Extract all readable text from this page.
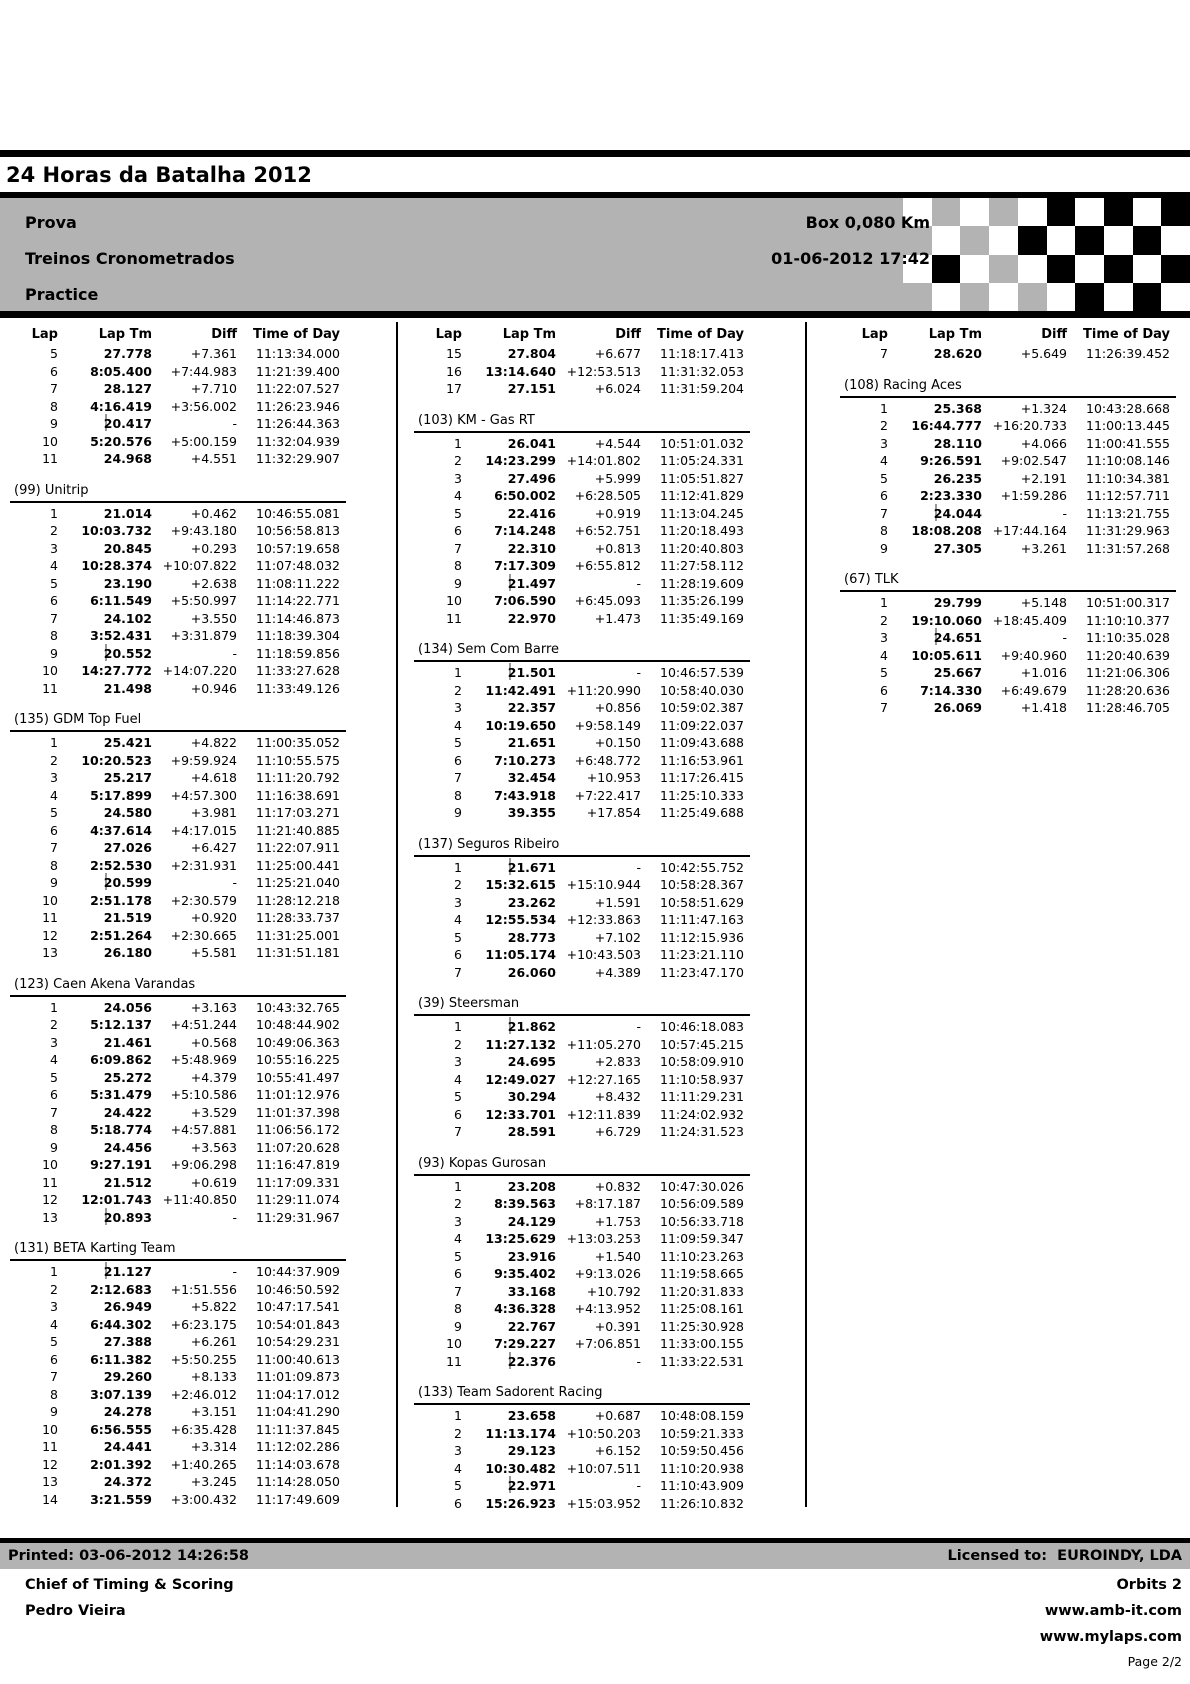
24 Horas da Batalha 2012
Prova
Treinos Cronometrados
Practice
Box 0,080 Km
01-06-2012 17:42
Lap	Lap Tm	Diff	Time of Day
5	27.778	+7.361	11:13:34.000
6	8:05.400	+7:44.983	11:21:39.400
7	28.127	+7.710	11:22:07.527
8	4:16.419	+3:56.002	11:26:23.946
9	20.417	-	11:26:44.363
10	5:20.576	+5:00.159	11:32:04.939
11	24.968	+4.551	11:32:29.907
(99) Unitrip
1	21.014	+0.462	10:46:55.081
2	10:03.732	+9:43.180	10:56:58.813
3	20.845	+0.293	10:57:19.658
4	10:28.374 +10:07.822	11:07:48.032
5	23.190	+2.638	11:08:11.222
6	6:11.549	+5:50.997	11:14:22.771
7	24.102	+3.550	11:14:46.873
8	3:52.431	+3:31.879	11:18:39.304
9	20.552	-	11:18:59.856
10	14:27.772 +14:07.220	11:33:27.628
11	21.498	+0.946	11:33:49.126
(135) GDM Top Fuel
1	25.421	+4.822	11:00:35.052
2	10:20.523	+9:59.924	11:10:55.575
3	25.217	+4.618	11:11:20.792
4	5:17.899	+4:57.300	11:16:38.691
5	24.580	+3.981	11:17:03.271
6	4:37.614	+4:17.015	11:21:40.885
7	27.026	+6.427	11:22:07.911
8	2:52.530	+2:31.931	11:25:00.441
9	20.599	-	11:25:21.040
10	2:51.178	+2:30.579	11:28:12.218
11	21.519	+0.920	11:28:33.737
12	2:51.264	+2:30.665	11:31:25.001
13	26.180	+5.581	11:31:51.181
(123) Caen Akena Varandas
1	24.056	+3.163	10:43:32.765
2	5:12.137	+4:51.244	10:48:44.902
3	21.461	+0.568	10:49:06.363
4	6:09.862	+5:48.969	10:55:16.225
5	25.272	+4.379	10:55:41.497
6	5:31.479	+5:10.586	11:01:12.976
7	24.422	+3.529	11:01:37.398
8	5:18.774	+4:57.881	11:06:56.172
9	24.456	+3.563	11:07:20.628
10	9:27.191	+9:06.298	11:16:47.819
11	21.512	+0.619	11:17:09.331
12	12:01.743 +11:40.850	11:29:11.074
13	20.893	-	11:29:31.967
(131) BETA Karting Team
1	21.127	-	10:44:37.909
2	2:12.683	+1:51.556	10:46:50.592
3	26.949	+5.822	10:47:17.541
4	6:44.302	+6:23.175	10:54:01.843
5	27.388	+6.261	10:54:29.231
6	6:11.382	+5:50.255	11:00:40.613
7	29.260	+8.133	11:01:09.873
8	3:07.139	+2:46.012	11:04:17.012
9	24.278	+3.151	11:04:41.290
10	6:56.555	+6:35.428	11:11:37.845
11	24.441	+3.314	11:12:02.286
12	2:01.392	+1:40.265	11:14:03.678
13	24.372	+3.245	11:14:28.050
14	3:21.559	+3:00.432	11:17:49.609
Lap	Lap Tm	Diff	Time of Day
15	27.804	+6.677	11:18:17.413
16	13:14.640 +12:53.513	11:31:32.053
17	27.151	+6.024	11:31:59.204
(103) KM - Gas RT
1	26.041	+4.544	10:51:01.032
2	14:23.299 +14:01.802	11:05:24.331
3	27.496	+5.999	11:05:51.827
4	6:50.002	+6:28.505	11:12:41.829
5	22.416	+0.919	11:13:04.245
6	7:14.248	+6:52.751	11:20:18.493
7	22.310	+0.813	11:20:40.803
8	7:17.309	+6:55.812	11:27:58.112
9	21.497	-	11:28:19.609
10	7:06.590	+6:45.093	11:35:26.199
11	22.970	+1.473	11:35:49.169
(134) Sem Com Barre
1	21.501	-	10:46:57.539
2	11:42.491 +11:20.990	10:58:40.030
3	22.357	+0.856	10:59:02.387
4	10:19.650	+9:58.149	11:09:22.037
5	21.651	+0.150	11:09:43.688
6	7:10.273	+6:48.772	11:16:53.961
7	32.454	+10.953	11:17:26.415
8	7:43.918	+7:22.417	11:25:10.333
9	39.355	+17.854	11:25:49.688
(137) Seguros Ribeiro
1	21.671	-	10:42:55.752
2	15:32.615 +15:10.944	10:58:28.367
3	23.262	+1.591	10:58:51.629
4	12:55.534 +12:33.863	11:11:47.163
5	28.773	+7.102	11:12:15.936
6	11:05.174 +10:43.503	11:23:21.110
7	26.060	+4.389	11:23:47.170
(39) Steersman
1	21.862	-	10:46:18.083
2	11:27.132 +11:05.270	10:57:45.215
3	24.695	+2.833	10:58:09.910
4	12:49.027 +12:27.165	11:10:58.937
5	30.294	+8.432	11:11:29.231
6	12:33.701 +12:11.839	11:24:02.932
7	28.591	+6.729	11:24:31.523
(93) Kopas Gurosan
1	23.208	+0.832	10:47:30.026
2	8:39.563	+8:17.187	10:56:09.589
3	24.129	+1.753	10:56:33.718
4	13:25.629 +13:03.253	11:09:59.347
5	23.916	+1.540	11:10:23.263
6	9:35.402	+9:13.026	11:19:58.665
7	33.168	+10.792	11:20:31.833
8	4:36.328	+4:13.952	11:25:08.161
9	22.767	+0.391	11:25:30.928
10	7:29.227	+7:06.851	11:33:00.155
11	22.376	-	11:33:22.531
(133) Team Sadorent Racing
1	23.658	+0.687	10:48:08.159
2	11:13.174 +10:50.203	10:59:21.333
3	29.123	+6.152	10:59:50.456
4	10:30.482 +10:07.511	11:10:20.938
5	22.971	-	11:10:43.909
6	15:26.923 +15:03.952	11:26:10.832
Lap	Lap Tm	Diff	Time of Day
7	28.620	+5.649	11:26:39.452
(108) Racing Aces
1	25.368	+1.324	10:43:28.668
2	16:44.777 +16:20.733	11:00:13.445
3	28.110	+4.066	11:00:41.555
4	9:26.591	+9:02.547	11:10:08.146
5	26.235	+2.191	11:10:34.381
6	2:23.330	+1:59.286	11:12:57.711
7	24.044	-	11:13:21.755
8	18:08.208 +17:44.164	11:31:29.963
9	27.305	+3.261	11:31:57.268
(67) TLK
1	29.799	+5.148	10:51:00.317
2	19:10.060 +18:45.409	11:10:10.377
3	24.651	-	11:10:35.028
4	10:05.611	+9:40.960	11:20:40.639
5	25.667	+1.016	11:21:06.306
6	7:14.330	+6:49.679	11:28:20.636
7	26.069	+1.418	11:28:46.705
Printed: 03-06-2012 14:26:58	Licensed to:  EUROINDY, LDA
Chief of Timing & Scoring
Pedro Vieira
Orbits 2
www.amb-it.com
www.mylaps.com
Page 2/2
